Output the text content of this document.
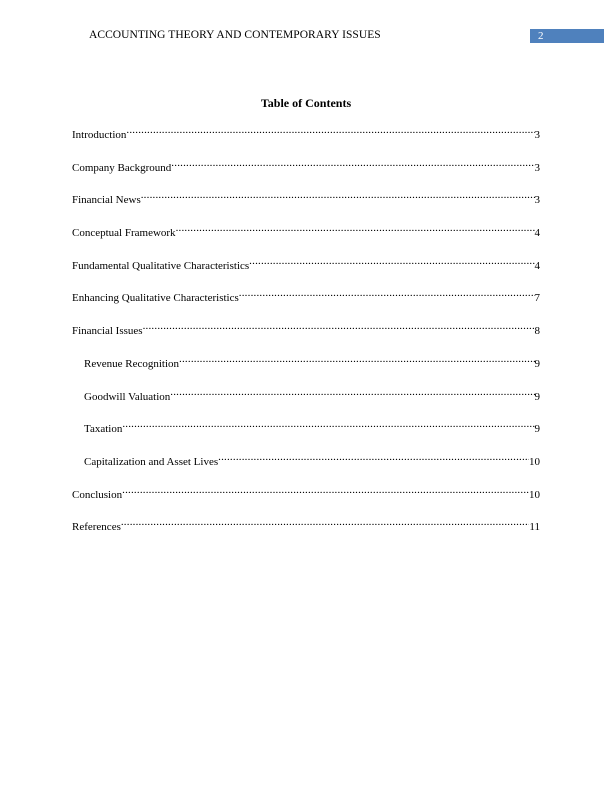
ACCOUNTING THEORY AND CONTEMPORARY ISSUES	2
Table of Contents
Introduction .....	3
Company Background .....	3
Financial News .....	3
Conceptual Framework .....	4
Fundamental Qualitative Characteristics .....	4
Enhancing Qualitative Characteristics .....	7
Financial Issues .....	8
Revenue Recognition .....	9
Goodwill Valuation .....	9
Taxation .....	9
Capitalization and Asset Lives .....	10
Conclusion .....	10
References .....	11
